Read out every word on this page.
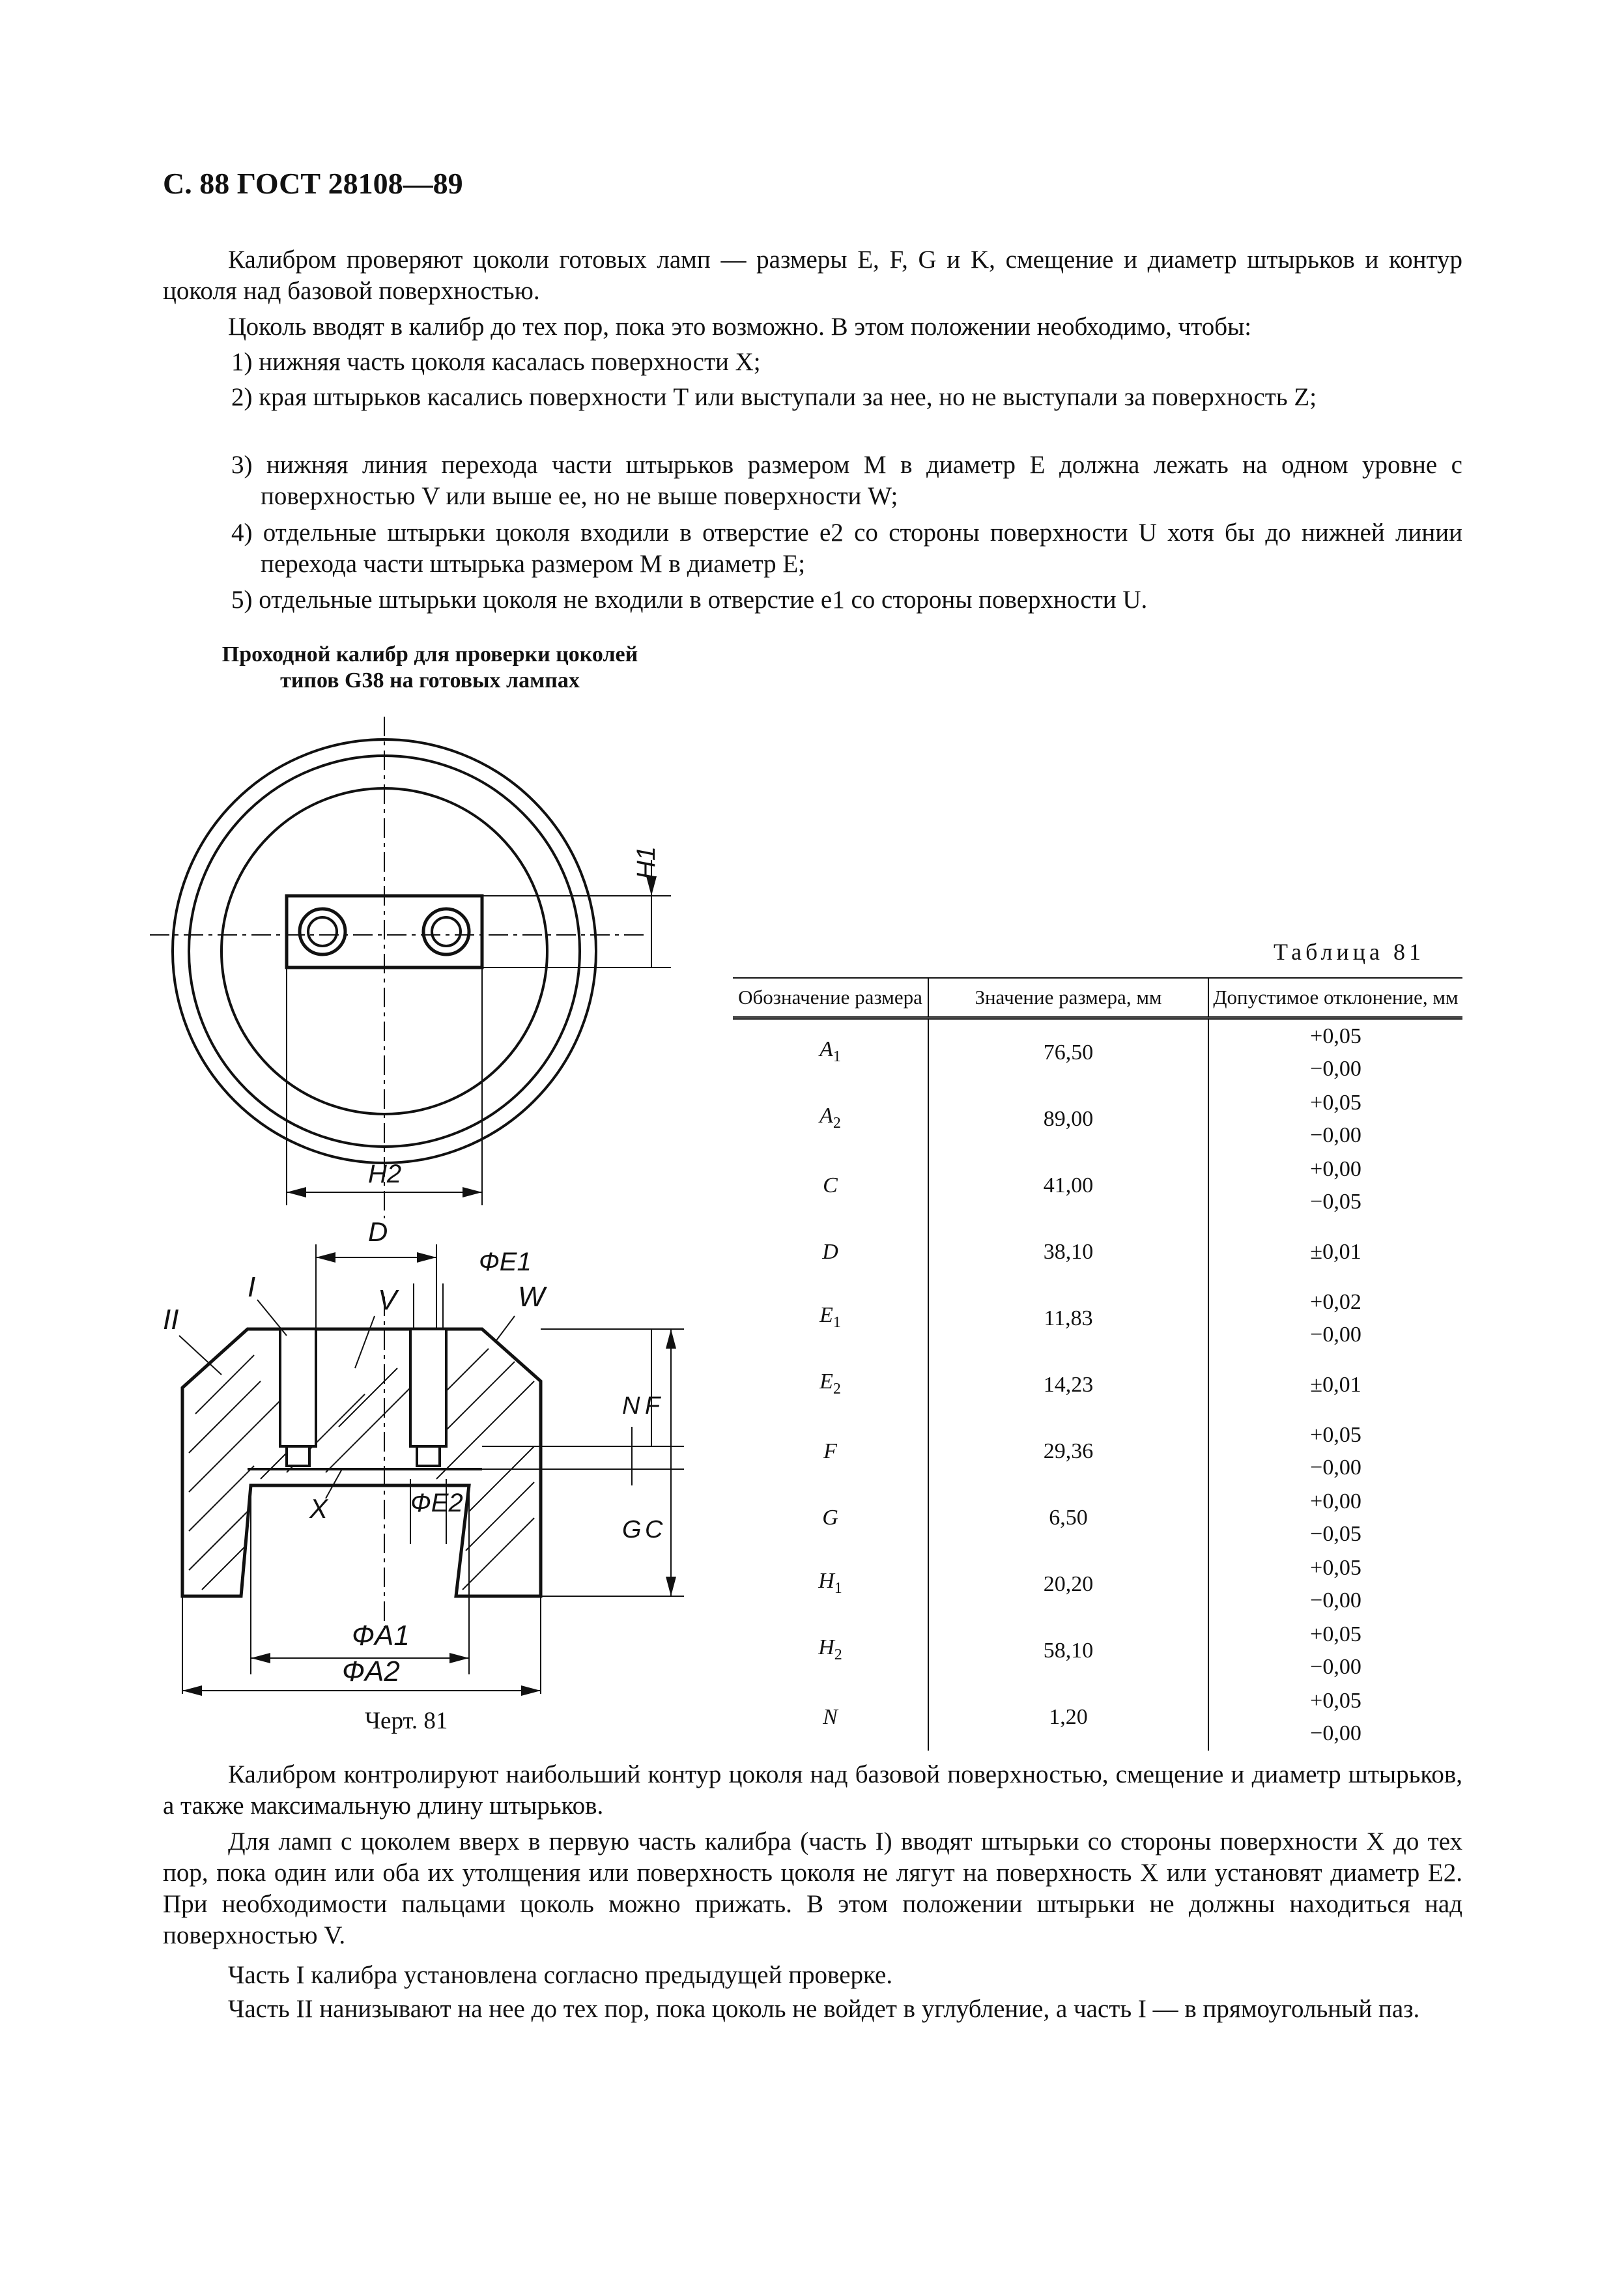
С. 88 ГОСТ 28108—89
Калибром проверяют цоколи готовых ламп — размеры E, F, G и K, смещение и диаметр штырьков и контур цоколя над базовой поверхностью.
Цоколь вводят в калибр до тех пор, пока это возможно. В этом положении необходимо, чтобы:
1) нижняя часть цоколя касалась поверхности X;
2) края штырьков касались поверхности T или выступали за нее, но не выступали за поверхность Z;
3) нижняя линия перехода части штырьков размером M в диаметр E должна лежать на одном уровне с поверхностью V или выше ее, но не выше поверхности W;
4) отдельные штырьки цоколя входили в отверстие e2 со стороны поверхности U хотя бы до нижней линии перехода части штырька размером M в диаметр E;
5) отдельные штырьки цоколя не входили в отверстие e1 со стороны поверхности U.
Проходной калибр для проверки цоколей
типов G38 на готовых лампах
H1
H2
D
ФE1
V	W
I
II
X	ФE2
N F
G C
ФA1
ФA2
Черт. 81
Таблица 81
Обозначение размера	Значение размера, мм	Допустимое отклонение, мм
$A_1$	76,50	+0,05
−0,00

$A_2$	89,00	+0,05
−0,00

C	41,00	+0,00
−0,05

D	38,10	±0,01

$E_1$	11,83	+0,02
−0,00

$E_2$	14,23	±0,01

F	29,36	+0,05
−0,00

G	6,50	+0,00
−0,05

$H_1$	20,20	+0,05
−0,00

$H_2$	58,10	+0,05
−0,00

N	1,20	+0,05
−0,00
Калибром контролируют наибольший контур цоколя над базовой поверхностью, смещение и диаметр штырьков, а также максимальную длину штырьков.
Для ламп с цоколем вверх в первую часть калибра (часть I) вводят штырьки со стороны поверхности X до тех пор, пока один или оба их утолщения или поверхность цоколя не лягут на поверхность X или установят диаметр E2. При необходимости пальцами цоколь можно прижать. В этом положении штырьки не должны находиться над поверхностью V.
Часть I калибра установлена согласно предыдущей проверке.
Часть II нанизывают на нее до тех пор, пока цоколь не войдет в углубление, а часть I — в прямоугольный паз.
